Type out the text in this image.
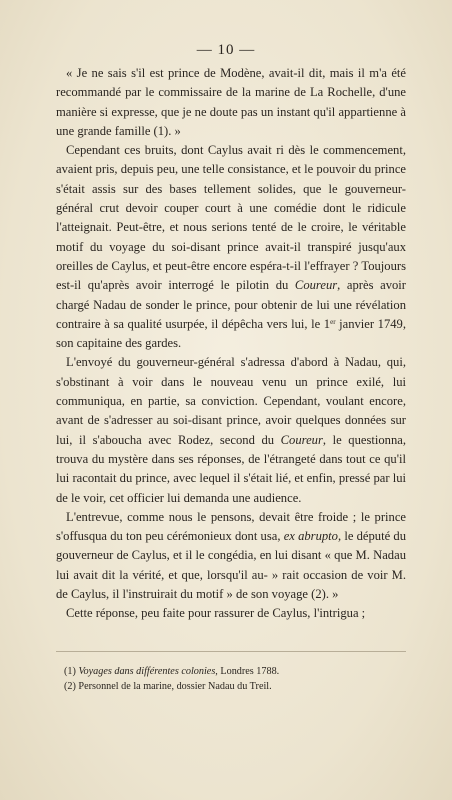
— 10 —

« Je ne sais s'il est prince de Modène, avait-il dit, mais il m'a été recommandé par le commissaire de la marine de La Rochelle, d'une manière si expresse, que je ne doute pas un instant qu'il appartienne à une grande famille (1). »

Cependant ces bruits, dont Caylus avait ri dès le commencement, avaient pris, depuis peu, une telle consistance, et le pouvoir du prince s'était assis sur des bases tellement solides, que le gouverneur-général crut devoir couper court à une comédie dont le ridicule l'atteignait. Peut-être, et nous serions tenté de le croire, le véritable motif du voyage du soi-disant prince avait-il transpiré jusqu'aux oreilles de Caylus, et peut-être encore espéra-t-il l'effrayer ? Toujours est-il qu'après avoir interrogé le pilotin du Coureur, après avoir chargé Nadau de sonder le prince, pour obtenir de lui une révélation contraire à sa qualité usurpée, il dépêcha vers lui, le 1er janvier 1749, son capitaine des gardes.

L'envoyé du gouverneur-général s'adressa d'abord à Nadau, qui, s'obstinant à voir dans le nouveau venu un prince exilé, lui communiqua, en partie, sa conviction. Cependant, voulant encore, avant de s'adresser au soi-disant prince, avoir quelques données sur lui, il s'aboucha avec Rodez, second du Coureur, le questionna, trouva du mystère dans ses réponses, de l'étrangeté dans tout ce qu'il lui racontait du prince, avec lequel il s'était lié, et enfin, pressé par lui de le voir, cet officier lui demanda une audience.

L'entrevue, comme nous le pensons, devait être froide ; le prince s'offusqua du ton peu cérémonieux dont usa, ex abrupto, le député du gouverneur de Caylus, et il le congédia, en lui disant « que M. Nadau lui avait dit la vérité, et que, lorsqu'il au- » rait occasion de voir M. de Caylus, il l'instruirait du motif » de son voyage (2). »

Cette réponse, peu faite pour rassurer de Caylus, l'intrigua ;

(1) Voyages dans différentes colonies, Londres 1788.
(2) Personnel de la marine, dossier Nadau du Treil.
